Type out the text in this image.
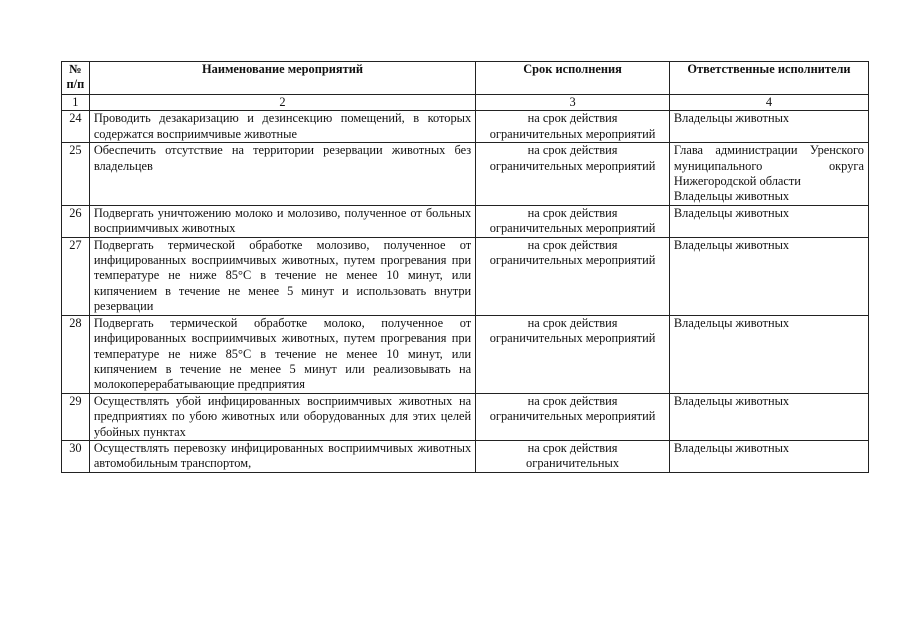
№ п/п	Наименование мероприятий	Срок исполнения	Ответственные исполнители
1	2	3	4
24	Проводить дезакаризацию и дезинсекцию помещений, в которых содержатся восприимчивые животные	на срок действия ограничительных мероприятий	Владельцы животных

25	Обеспечить отсутствие на территории резервации животных без владельцев	на срок действия ограничительных мероприятий	Глава администрации Уренского муниципального округа Нижегородской области
Владельцы животных

26	Подвергать уничтожению молоко и молозиво, полученное от больных восприимчивых животных	на срок действия ограничительных мероприятий	Владельцы животных

27	Подвергать термической обработке молозиво, полученное от инфицированных восприимчивых животных, путем прогревания при температуре не ниже 85°С в течение не менее 10 минут, или кипячением в течение не менее 5 минут и использовать внутри резервации	на срок действия ограничительных мероприятий	Владельцы животных

28	Подвергать термической обработке молоко, полученное от инфицированных восприимчивых животных, путем прогревания при температуре не ниже 85°С в течение не менее 10 минут, или кипячением в течение не менее 5 минут или реализовывать на молокоперерабатывающие предприятия	на срок действия ограничительных мероприятий	Владельцы животных

29	Осуществлять убой инфицированных восприимчивых животных на предприятиях по убою животных или оборудованных для этих целей убойных пунктах	на срок действия ограничительных мероприятий	Владельцы животных

30	Осуществлять перевозку инфицированных восприимчивых животных автомобильным транспортом,	на срок действия ограничительных	Владельцы животных
